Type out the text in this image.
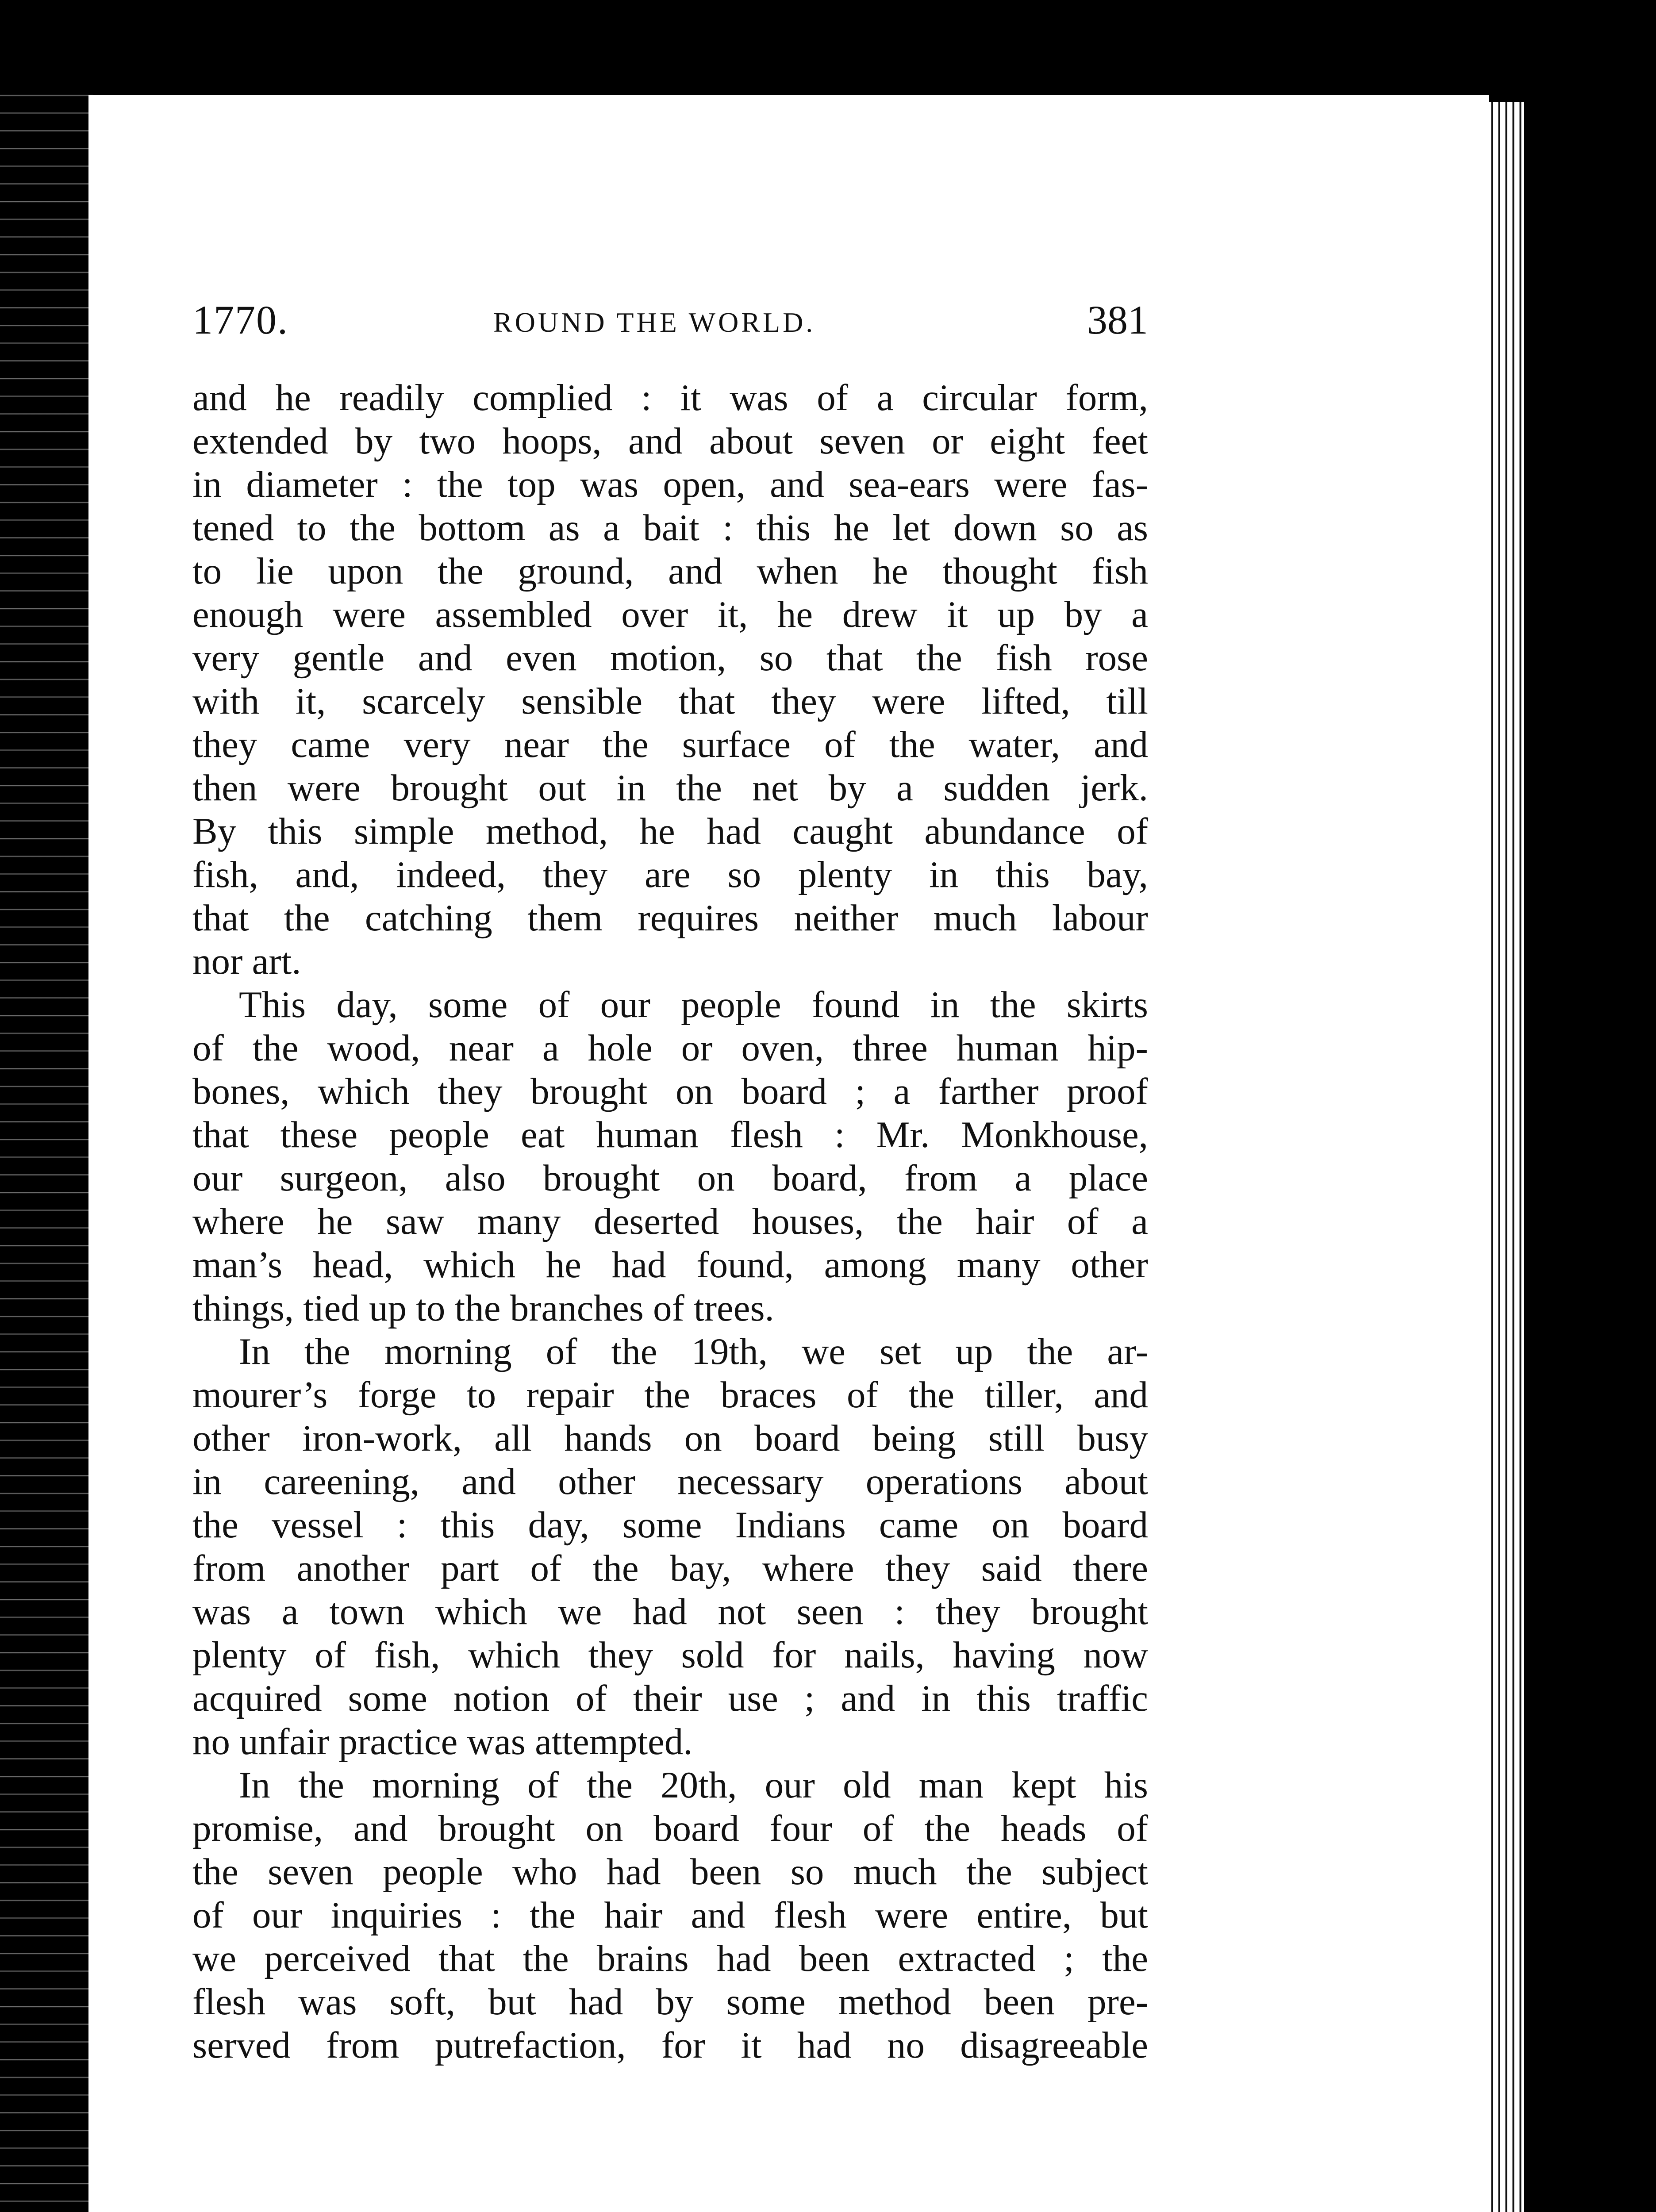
1770.	ROUND THE WORLD.	381
and he readily complied : it was of a circular form,
extended by two hoops, and about seven or eight feet
in diameter : the top was open, and sea-ears were fas-
tened to the bottom as a bait : this he let down so as
to lie upon the ground, and when he thought fish
enough were assembled over it, he drew it up by a
very gentle and even motion, so that the fish rose
with it, scarcely sensible that they were lifted, till
they came very near the surface of the water, and
then were brought out in the net by a sudden jerk.
By this simple method, he had caught abundance of
fish, and, indeed, they are so plenty in this bay,
that the catching them requires neither much labour
nor art.
This day, some of our people found in the skirts
of the wood, near a hole or oven, three human hip-
bones, which they brought on board ; a farther proof
that these people eat human flesh : Mr. Monkhouse,
our surgeon, also brought on board, from a place
where he saw many deserted houses, the hair of a
man’s head, which he had found, among many other
things, tied up to the branches of trees.
In the morning of the 19th, we set up the ar-
mourer’s forge to repair the braces of the tiller, and
other iron-work, all hands on board being still busy
in careening, and other necessary operations about
the vessel : this day, some Indians came on board
from another part of the bay, where they said there
was a town which we had not seen : they brought
plenty of fish, which they sold for nails, having now
acquired some notion of their use ; and in this traffic
no unfair practice was attempted.
In the morning of the 20th, our old man kept his
promise, and brought on board four of the heads of
the seven people who had been so much the subject
of our inquiries : the hair and flesh were entire, but
we perceived that the brains had been extracted ; the
flesh was soft, but had by some method been pre-
served from putrefaction, for it had no disagreeable
